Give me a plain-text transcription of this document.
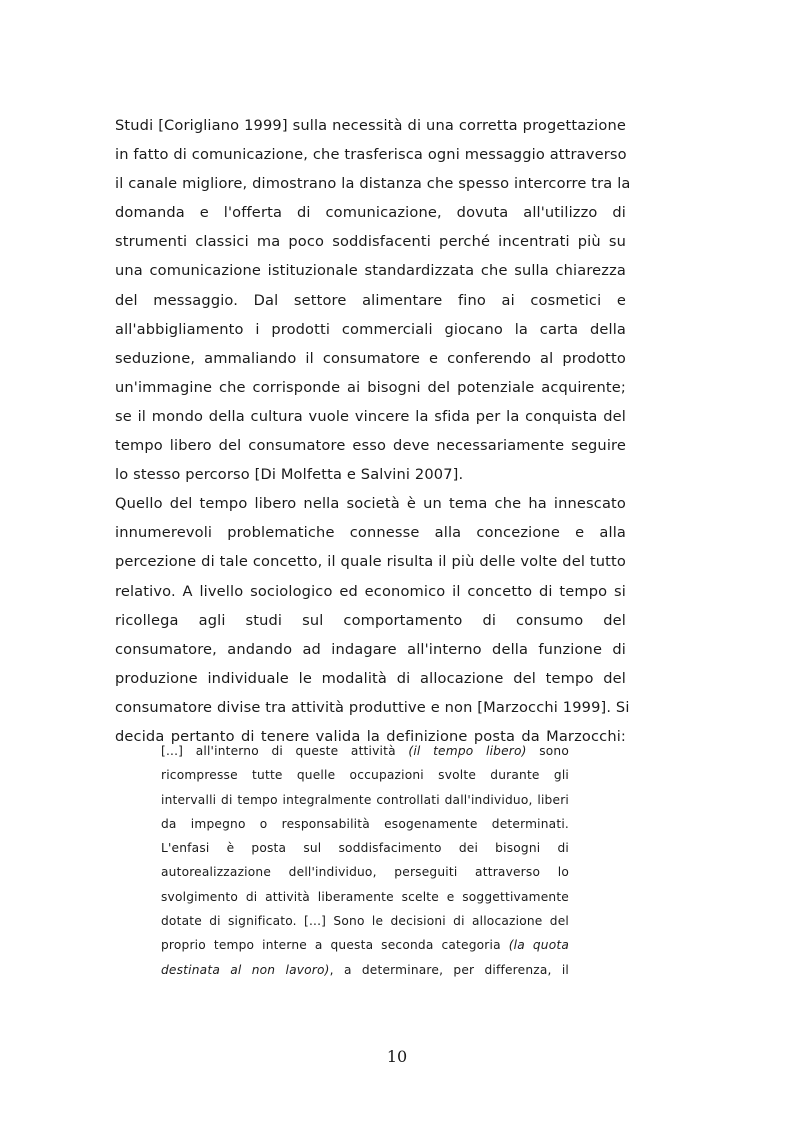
Studi [Corigliano 1999] sulla necessità di una corretta progettazione
in fatto di comunicazione, che trasferisca ogni messaggio attraverso
il canale migliore, dimostrano la distanza che spesso intercorre tra la
domanda e l'offerta di comunicazione, dovuta all'utilizzo di
strumenti classici ma poco soddisfacenti perché incentrati più su
una comunicazione istituzionale standardizzata che sulla chiarezza
del messaggio. Dal settore alimentare fino ai cosmetici e
all'abbigliamento i prodotti commerciali giocano la carta della
seduzione, ammaliando il consumatore e conferendo al prodotto
un'immagine che corrisponde ai bisogni del potenziale acquirente;
se il mondo della cultura vuole vincere la sfida per la conquista del
tempo libero del consumatore esso deve necessariamente seguire
lo stesso percorso [Di Molfetta e Salvini 2007].
Quello del tempo libero nella società è un tema che ha innescato
innumerevoli problematiche connesse alla concezione e alla
percezione di tale concetto, il quale risulta il più delle volte del tutto
relativo. A livello sociologico ed economico il concetto di tempo si
ricollega agli studi sul comportamento di consumo del
consumatore, andando ad indagare all'interno della funzione di
produzione individuale le modalità di allocazione del tempo del
consumatore divise tra attività produttive e non [Marzocchi 1999]. Si
decida pertanto di tenere valida la definizione posta da Marzocchi:
[...] all'interno di queste attività (il tempo libero) sono
ricompresse tutte quelle occupazioni svolte durante gli
intervalli di tempo integralmente controllati dall'individuo, liberi
da impegno o responsabilità esogenamente determinati.
L'enfasi è posta sul soddisfacimento dei bisogni di
autorealizzazione dell'individuo, perseguiti attraverso lo
svolgimento di attività liberamente scelte e soggettivamente
dotate di significato. [...] Sono le decisioni di allocazione del
proprio tempo interne a questa seconda categoria (la quota
destinata al non lavoro), a determinare, per differenza, il
10
